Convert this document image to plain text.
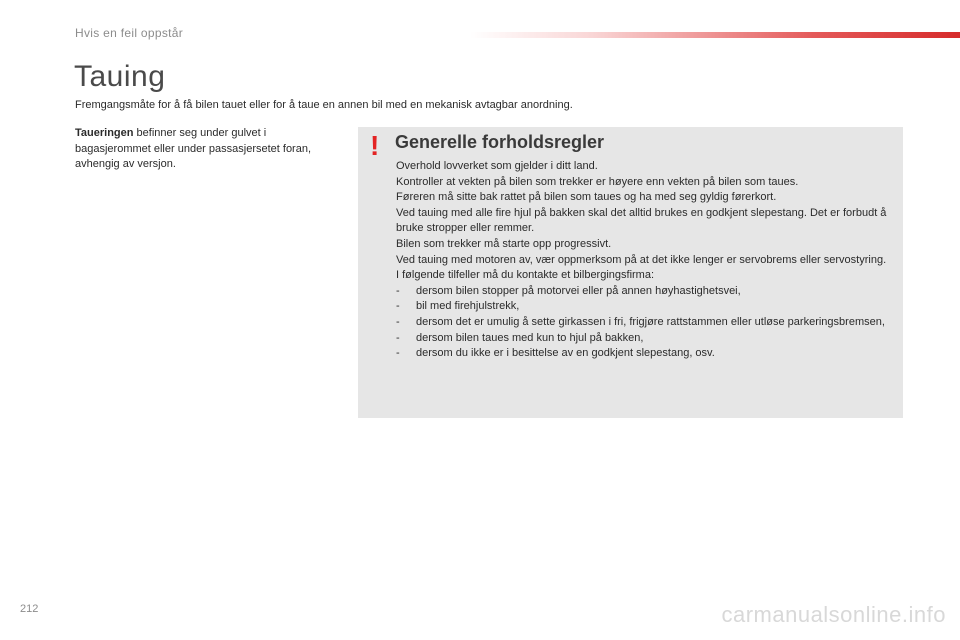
Hvis en feil oppstår
Tauing
Fremgangsmåte for å få bilen tauet eller for å taue en annen bil med en mekanisk avtagbar anordning.
Taueringen befinner seg under gulvet i bagasjerommet eller under passasjersetet foran, avhengig av versjon.
! Generelle forholdsregler

Overhold lovverket som gjelder i ditt land.

Kontroller at vekten på bilen som trekker er høyere enn vekten på bilen som taues.

Føreren må sitte bak rattet på bilen som taues og ha med seg gyldig førerkort.

Ved tauing med alle fire hjul på bakken skal det alltid brukes en godkjent slepestang. Det er forbudt å bruke stropper eller remmer.

Bilen som trekker må starte opp progressivt.

Ved tauing med motoren av, vær oppmerksom på at det ikke lenger er servobrems eller servostyring.

I følgende tilfeller må du kontakte et bilbergingsfirma:

- dersom bilen stopper på motorvei eller på annen høyhastighetsvei,
- bil med firehjulstrekk,
- dersom det er umulig å sette girkassen i fri, frigjøre rattstammen eller utløse parkeringsbremsen,
- dersom bilen taues med kun to hjul på bakken,
- dersom du ikke er i besittelse av en godkjent slepestang, osv.
212	carmanualsonline.info
